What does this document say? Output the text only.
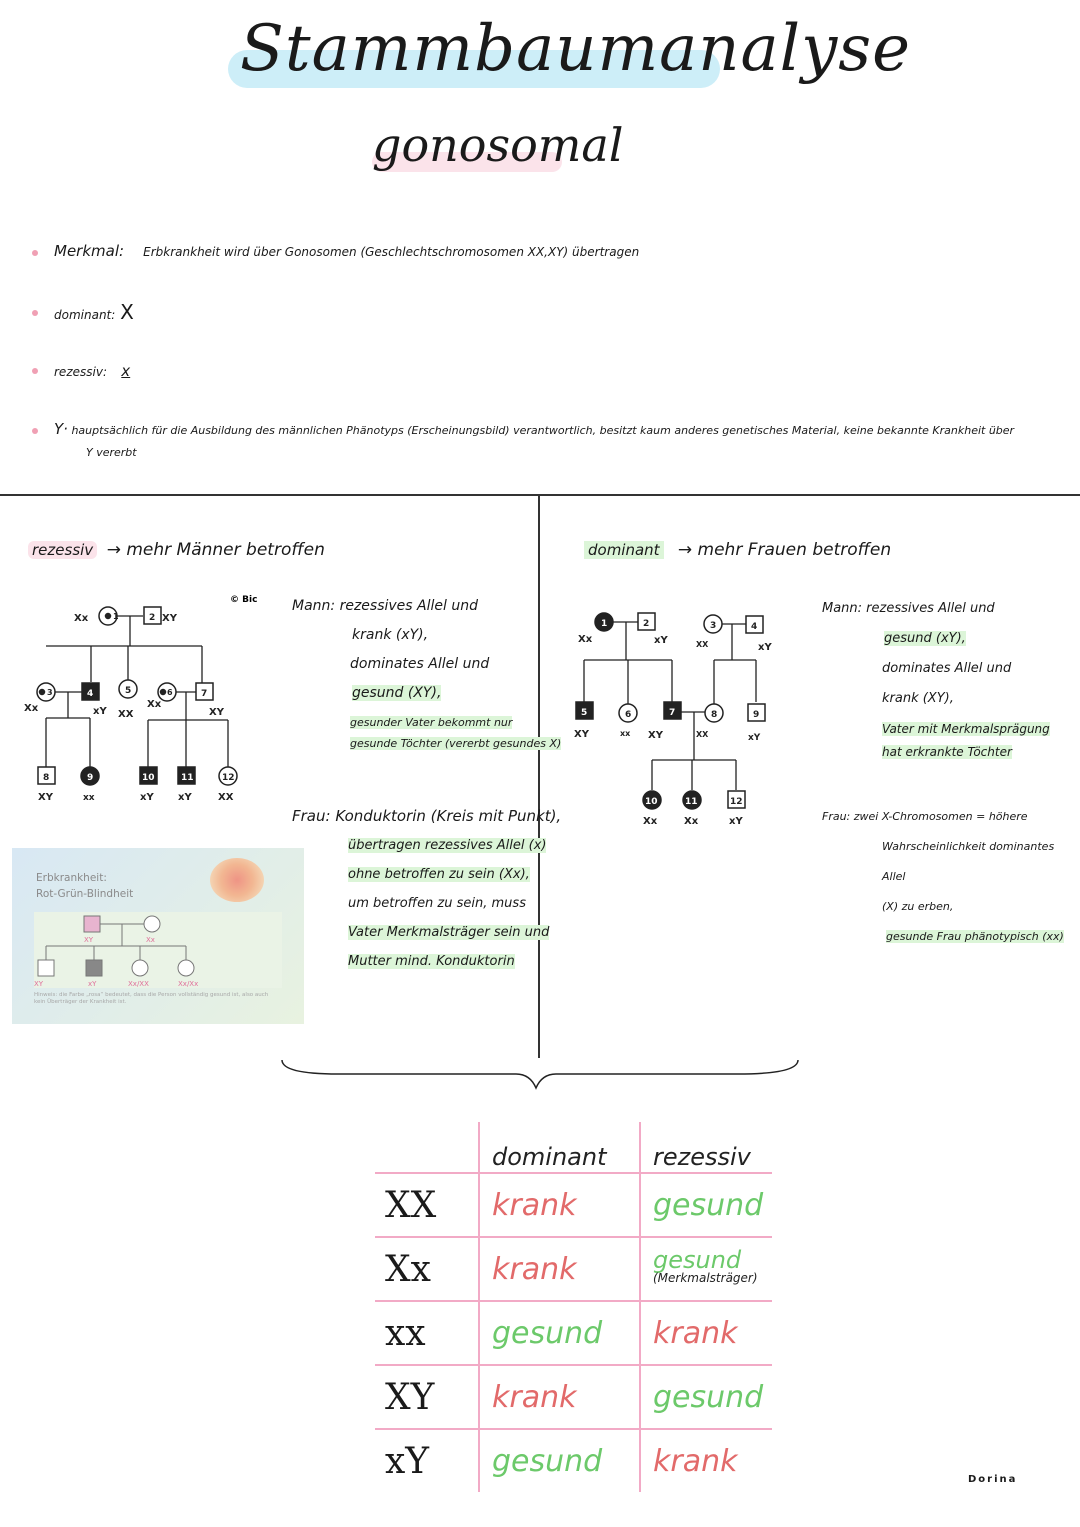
Stammbaumanalyse
gonosomal
Merkmal: Erbkrankheit wird über Gonosomen (Geschlechtschromosomen XX,XY) übertragen
dominant: X
rezessiv: x
Y· hauptsächlich für die Ausbildung des männlichen Phänotyps (Erscheinungsbild) verantwortlich, besitzt kaum anderes genetisches Material, keine bekannte Krankheit über
Y vererbt
rezessiv → mehr Männer betroffen
Xx	1	2 XY
Xx
3	4
xY
5
XX
Xx
6	7
XY
8
XY
9
xx
10
xY
11
xY
12
XX
© Bic Mann: rezessives Allel und
krank (xY),
dominates Allel und
gesund (XY),
gesunder Vater bekommt nur
gesunde Töchter (vererbt gesundes X)
Frau: Konduktorin (Kreis mit Punkt),
übertragen rezessives Allel (x)
ohne betroffen zu sein (Xx),
um betroffen zu sein, muss
Vater Merkmalsträger sein und
Mutter mind. Konduktorin
Erbkrankheit:
Rot-Grün-Blindheit
XY	Xx
XY	xY	Xx/XX	Xx/Xx
Hinweis: die Farbe „rosa“ bedeutet, dass die Person vollständig gesund ist, also auch kein Überträger der Krankheit ist.
dominant → mehr Frauen betroffen
1
Xx
2
xY	XX
3	4
xY
5
XY
6
xx
7
XY
8
XX
9
xY
10
Xx
11
Xx
12
xY
Mann: rezessives Allel und
gesund (xY),
dominates Allel und
krank (XY),
Vater mit Merkmalsprägung
hat erkrankte Töchter
Frau: zwei X-Chromosomen = höhere
Wahrscheinlichkeit dominantes Allel
(X) zu erben,
gesunde Frau phänotypisch (xx)
	dominant	rezessiv
XX	krank	gesund
Xx	krank	gesund
(Merkmalsträger)

xx	gesund	krank
XY	krank	gesund
xY	gesund	krank
Dorina
